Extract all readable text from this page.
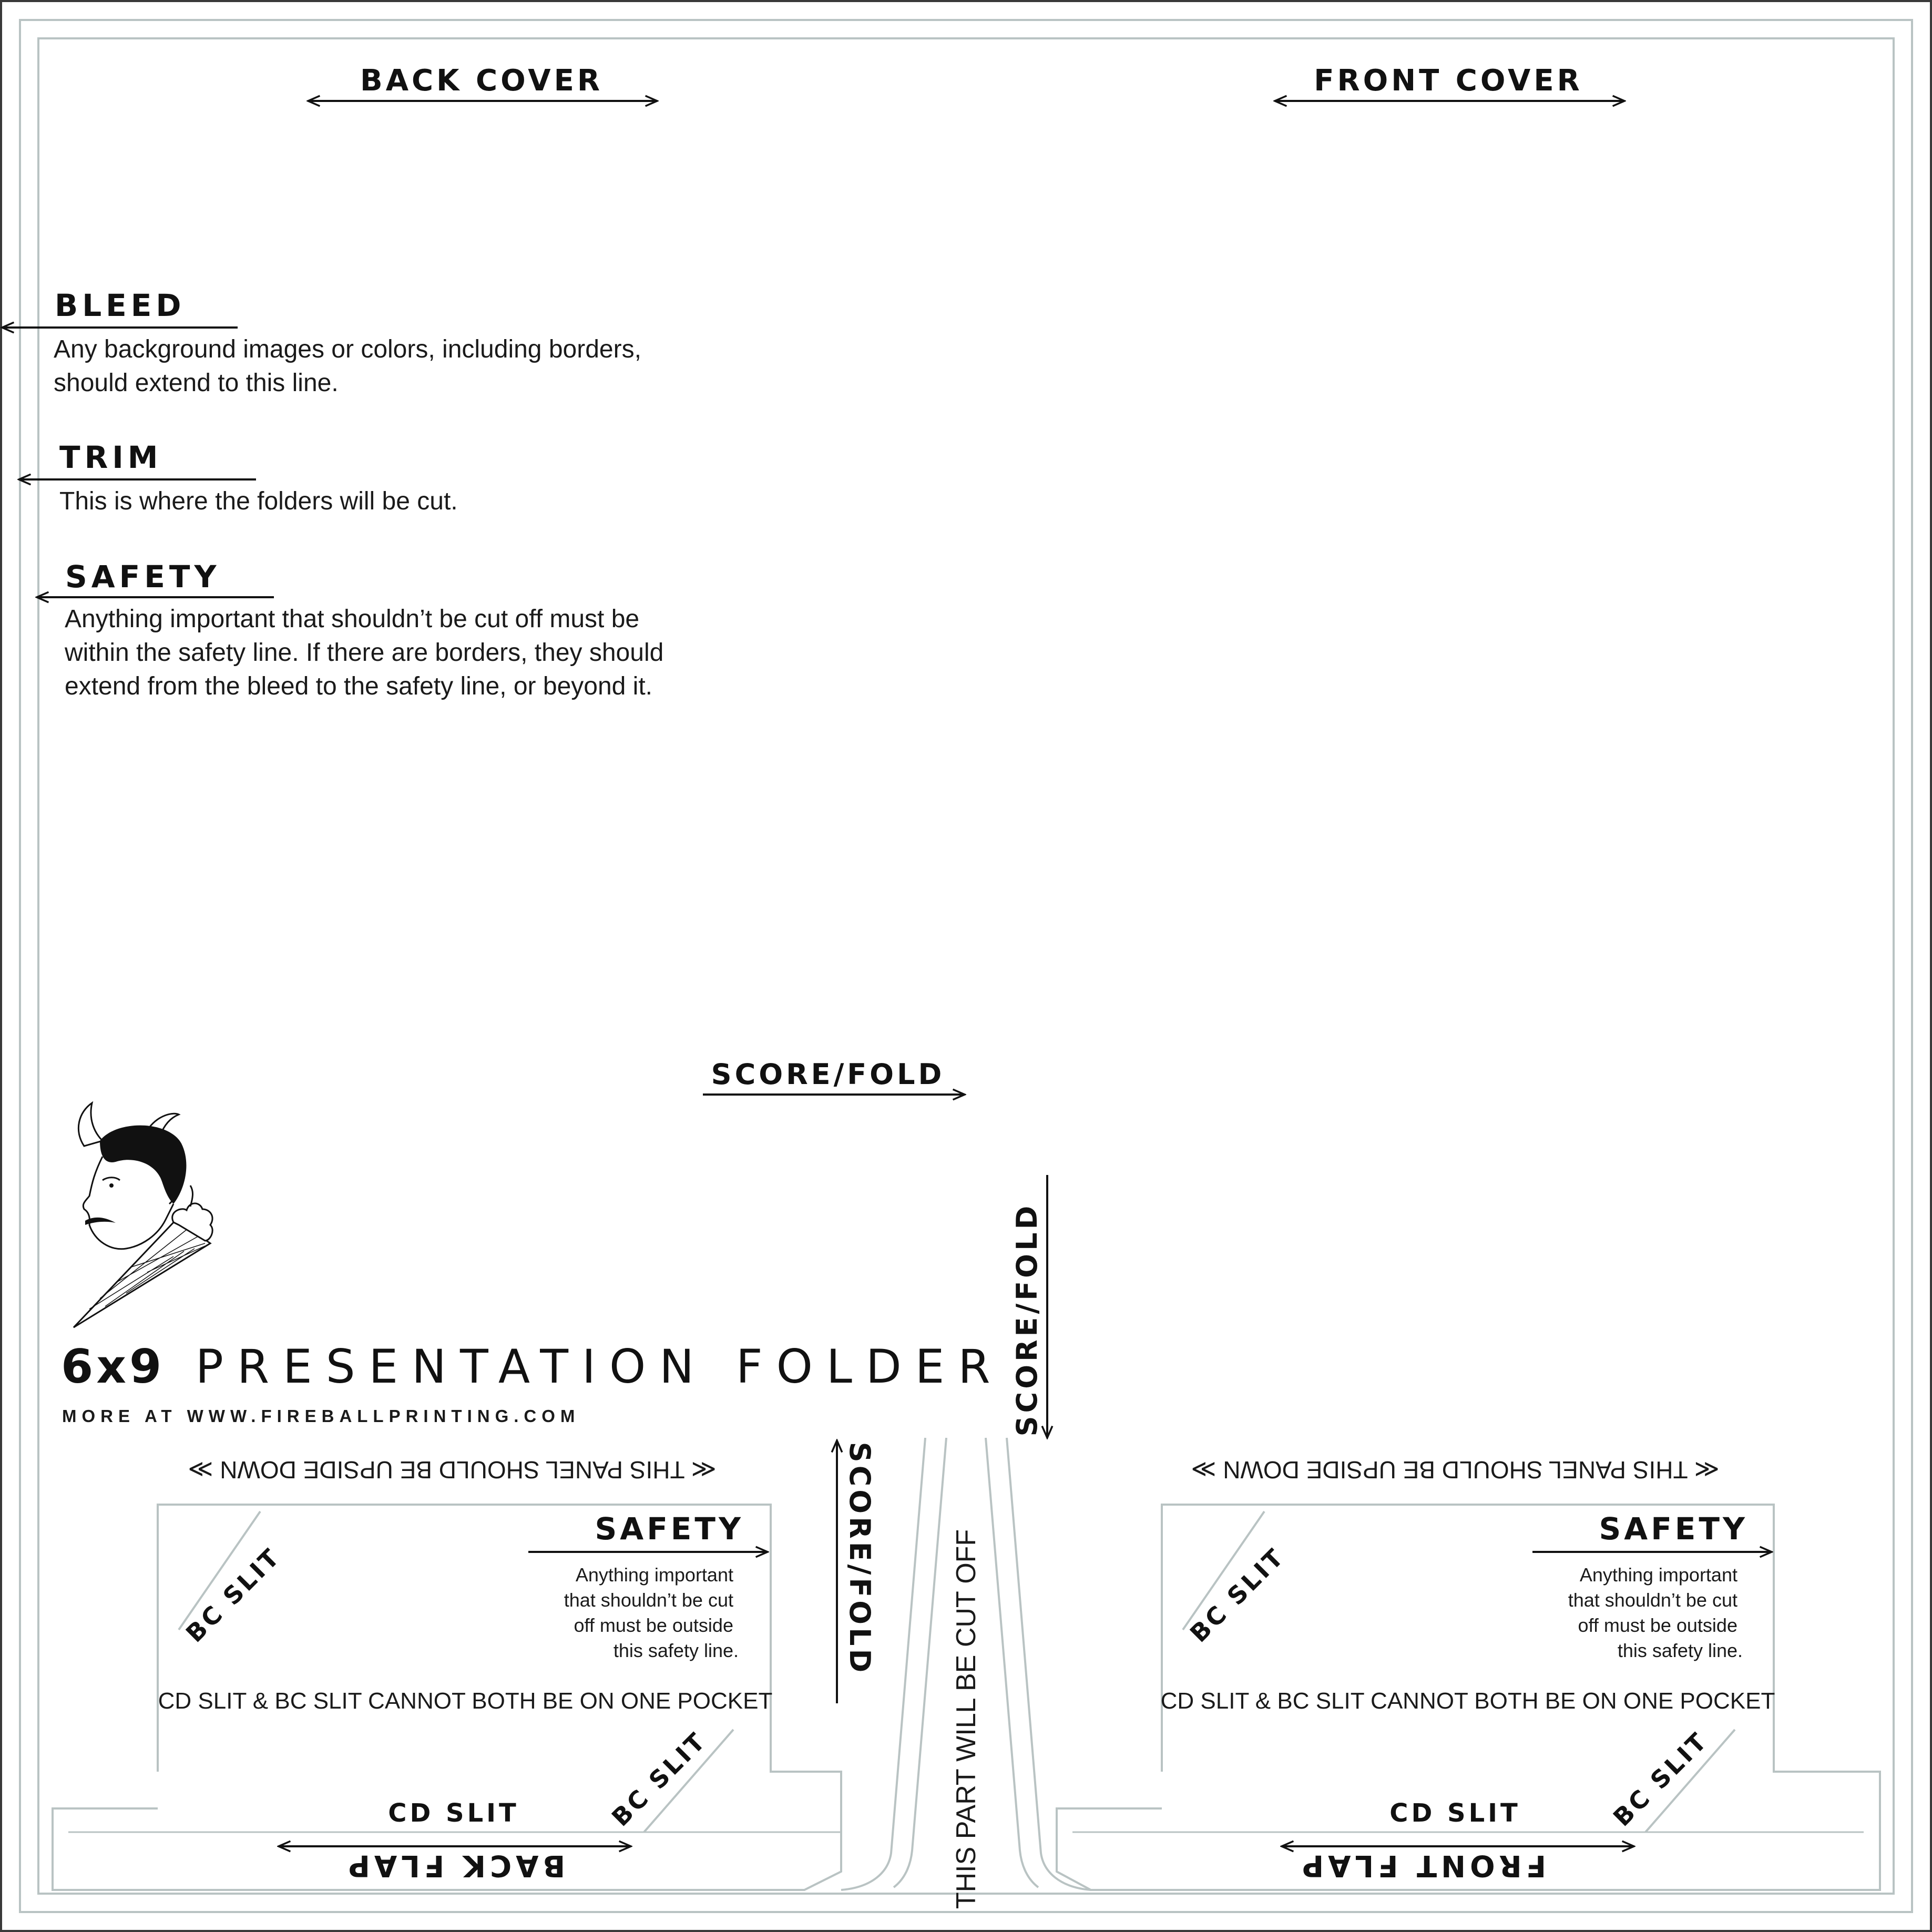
BACK COVER	FRONT COVER
BLEED
Any background images or colors, including borders, should extend to this line.
TRIM
This is where the folders will be cut.
SAFETY
Anything important that shouldn’t be cut off must be within the safety line. If there are borders, they should extend from the bleed to the safety line, or beyond it.
SCORE/FOLD
SCORE/FOLD
SCORE/FOLD
6x9 PRESENTATION FOLDER
MORE AT WWW.FIREBALLPRINTING.COM
THIS PART WILL BE CUT OFF
≪ THIS PANEL SHOULD BE UPSIDE DOWN ≫
BC SLIT
SAFETY
Anything important that shouldn’t be cut off must be outside this safety line.
CD SLIT & BC SLIT CANNOT BOTH BE ON ONE POCKET
BC SLIT
CD SLIT
BACK FLAP
≪ THIS PANEL SHOULD BE UPSIDE DOWN ≫
BC SLIT
SAFETY
Anything important that shouldn’t be cut off must be outside this safety line.
CD SLIT & BC SLIT CANNOT BOTH BE ON ONE POCKET
BC SLIT
CD SLIT
FRONT FLAP
